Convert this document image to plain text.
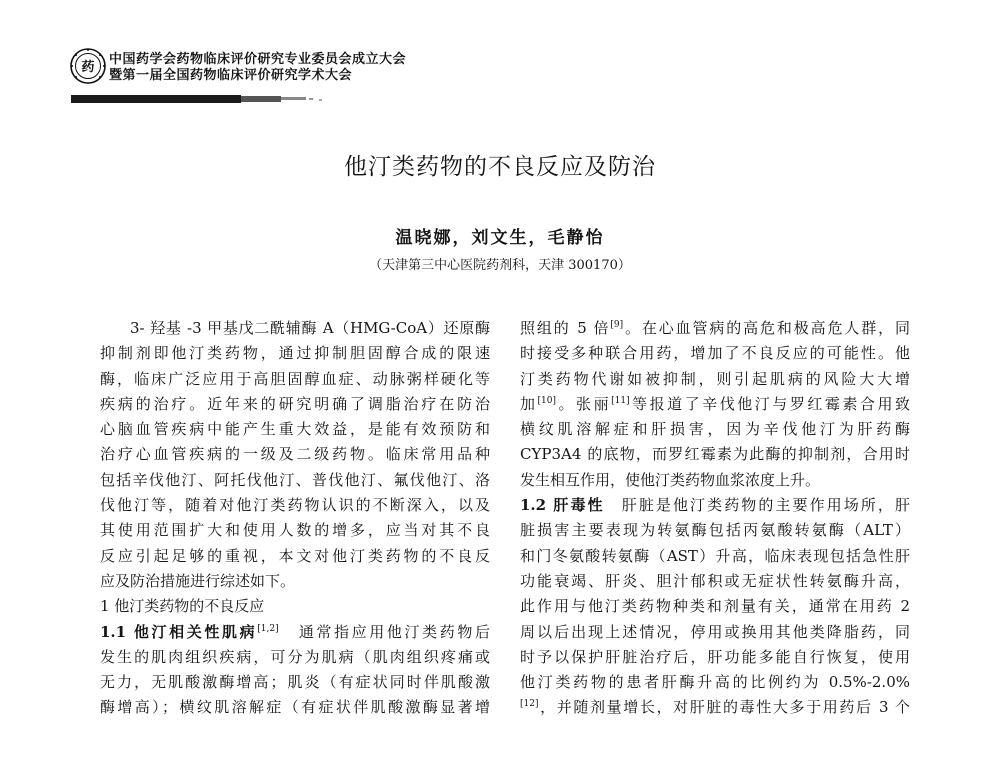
药
中国药学会药物临床评价研究专业委员会成立大会
暨第一届全国药物临床评价研究学术大会
他汀类药物的不良反应及防治
温晓娜，刘文生，毛静怡
（天津第三中心医院药剂科，天津 300170）
3- 羟基 -3 甲基戊二酰辅酶 A（HMG-CoA）还原酶
抑制剂即他汀类药物，通过抑制胆固醇合成的限速
酶，临床广泛应用于高胆固醇血症、动脉粥样硬化等
疾病的治疗。近年来的研究明确了调脂治疗在防治
心脑血管疾病中能产生重大效益，是能有效预防和
治疗心血管疾病的一级及二级药物。临床常用品种
包括辛伐他汀、阿托伐他汀、普伐他汀、氟伐他汀、洛
伐他汀等，随着对他汀类药物认识的不断深入，以及
其使用范围扩大和使用人数的增多，应当对其不良
反应引起足够的重视，本文对他汀类药物的不良反
应及防治措施进行综述如下。
1 他汀类药物的不良反应
1.1 他汀相关性肌病[1,2]　 通常指应用他汀类药物后
发生的肌肉组织疾病，可分为肌病（肌肉组织疼痛或
无力，无肌酸激酶增高；肌炎（有症状同时伴肌酸激
酶增高）；横纹肌溶解症（有症状伴肌酸激酶显著增
照组的 5 倍[9]。在心血管病的高危和极高危人群，同
时接受多种联合用药，增加了不良反应的可能性。他
汀类药物代谢如被抑制，则引起肌病的风险大大增
加[10]。张丽[11]等报道了辛伐他汀与罗红霉素合用致
横纹肌溶解症和肝损害，因为辛伐他汀为肝药酶
CYP3A4 的底物，而罗红霉素为此酶的抑制剂，合用时
发生相互作用，使他汀类药物血浆浓度上升。
1.2 肝毒性　 肝脏是他汀类药物的主要作用场所，肝
脏损害主要表现为转氨酶包括丙氨酸转氨酶（ALT）
和门冬氨酸转氨酶（AST）升高，临床表现包括急性肝
功能衰竭、肝炎、胆汁郁积或无症状性转氨酶升高，
此作用与他汀类药物种类和剂量有关，通常在用药 2
周以后出现上述情况，停用或换用其他类降脂药，同
时予以保护肝脏治疗后，肝功能多能自行恢复，使用
他汀类药物的患者肝酶升高的比例约为 0.5%-2.0%
[12]，并随剂量增长，对肝脏的毒性大多于用药后 3 个
